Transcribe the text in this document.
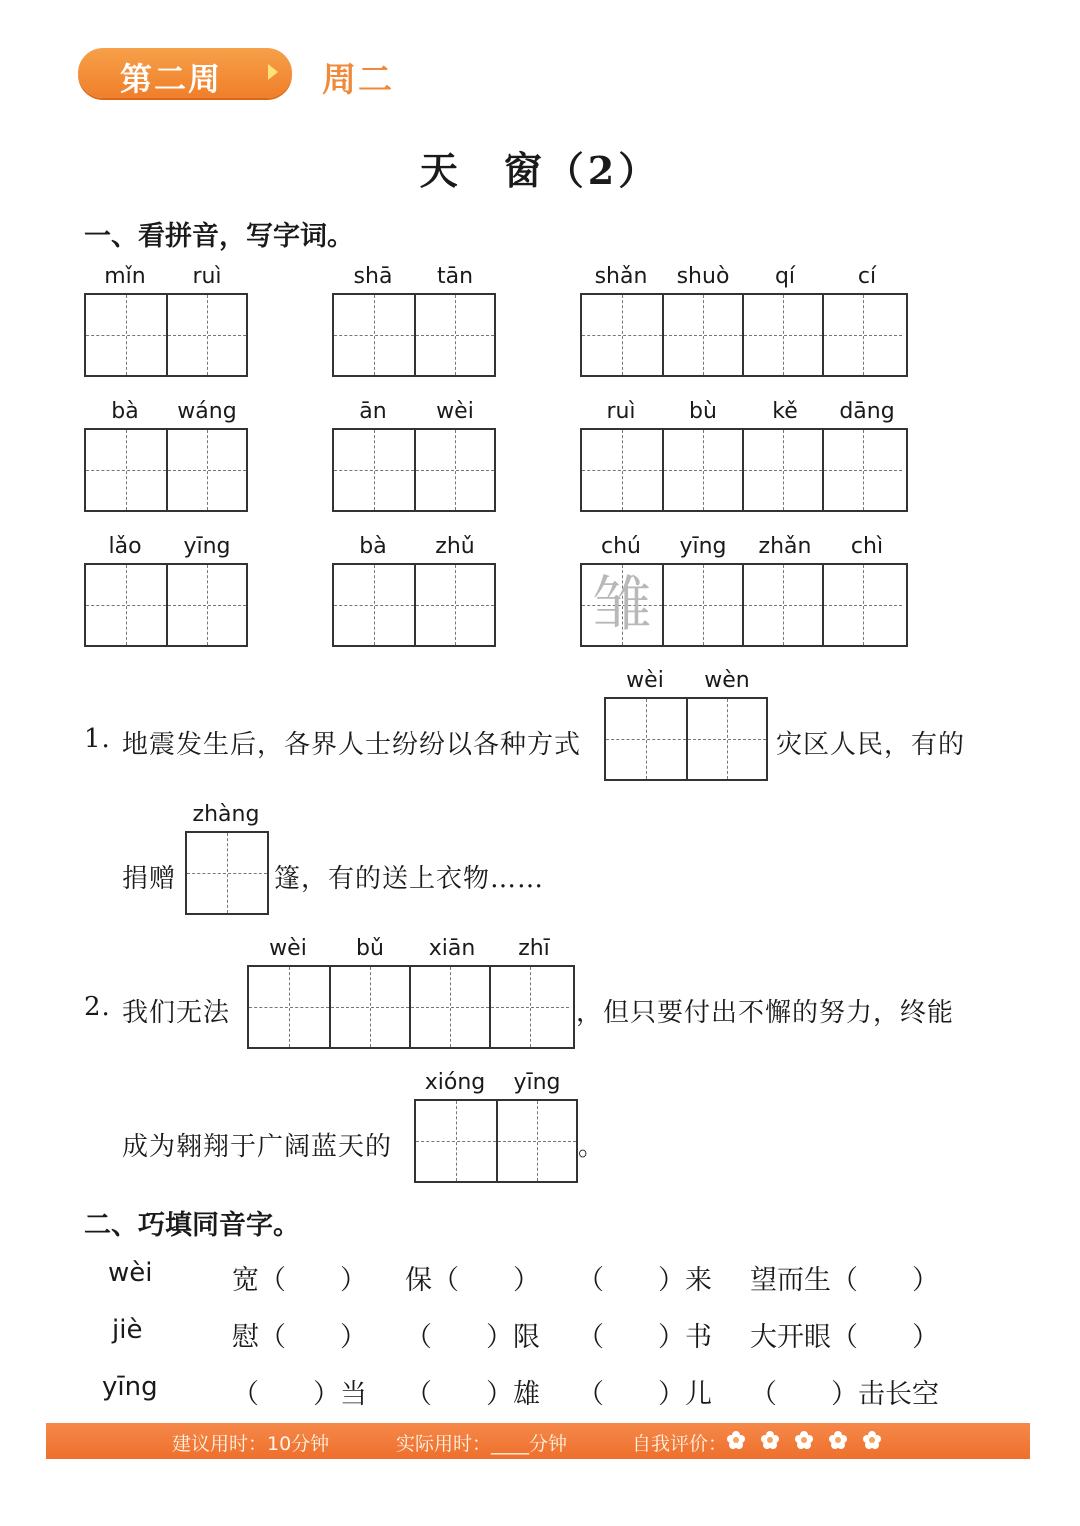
第二周	周二
天　窗（2）
一、看拼音，写字词。
mǐn	ruì	shā	tān	shǎn	shuò	qí	cí
bà	wáng	ān	wèi	ruì	bù	kě	dāng
lǎo	yīng	bà	zhǔ	chú	yīng	zhǎn	chì
雏
1. 地震发生后，各界人士纷纷以各种方式
wèi	wèn
灾区人民，有的
捐赠
zhàng
篷，有的送上衣物……
2. 我们无法
wèi	bǔ	xiān	zhī
，但只要付出不懈的努力，终能
成为翱翔于广阔蓝天的
xióng	yīng
。
二、巧填同音字。
wèi	宽（　　） 保（　　） （　　）来 望而生（　　）
jiè	慰（　　） （　　）限 （　　）书 大开眼（　　）
yīng	（　　）当 （　　）雄 （　　）儿 （　　）击长空
建议用时：10分钟	实际用时：____分钟	自我评价：
